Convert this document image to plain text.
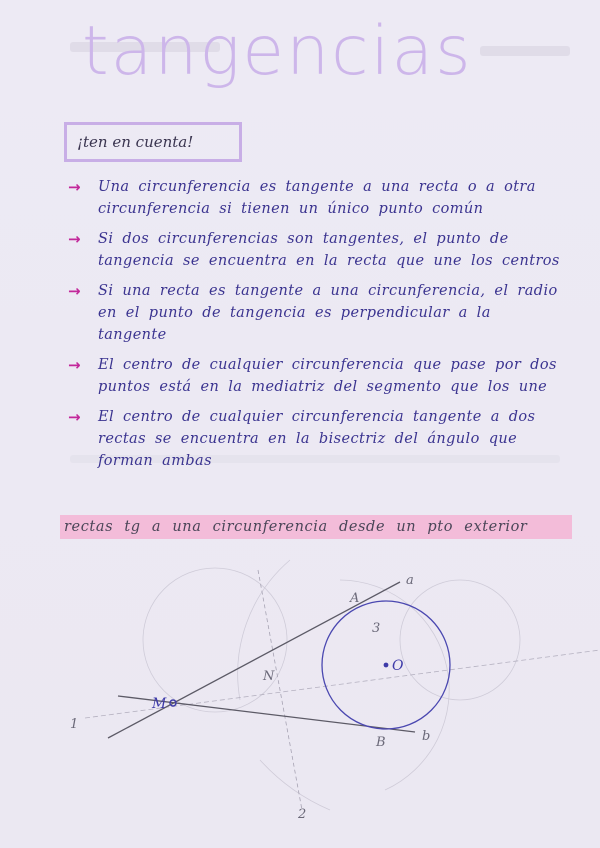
tangencias
¡ten en cuenta!
→ Una circunferencia es tangente a una recta o a otra circunferencia si tienen un único punto común
→ Si dos circunferencias son tangentes, el punto de tangencia se encuentra en la recta que une los centros
→ Si una recta es tangente a una circunferencia, el radio en el punto de tangencia es perpendicular a la tangente
→ El centro de cualquier circunferencia que pase por dos puntos está en la mediatriz del segmento que los une
→ El centro de cualquier circunferencia tangente a dos rectas se encuentra en la bisectriz del ángulo que forman ambas
rectas tg a una circunferencia desde un pto exterior
A
a
3
O
N
M
1
B	b
2
